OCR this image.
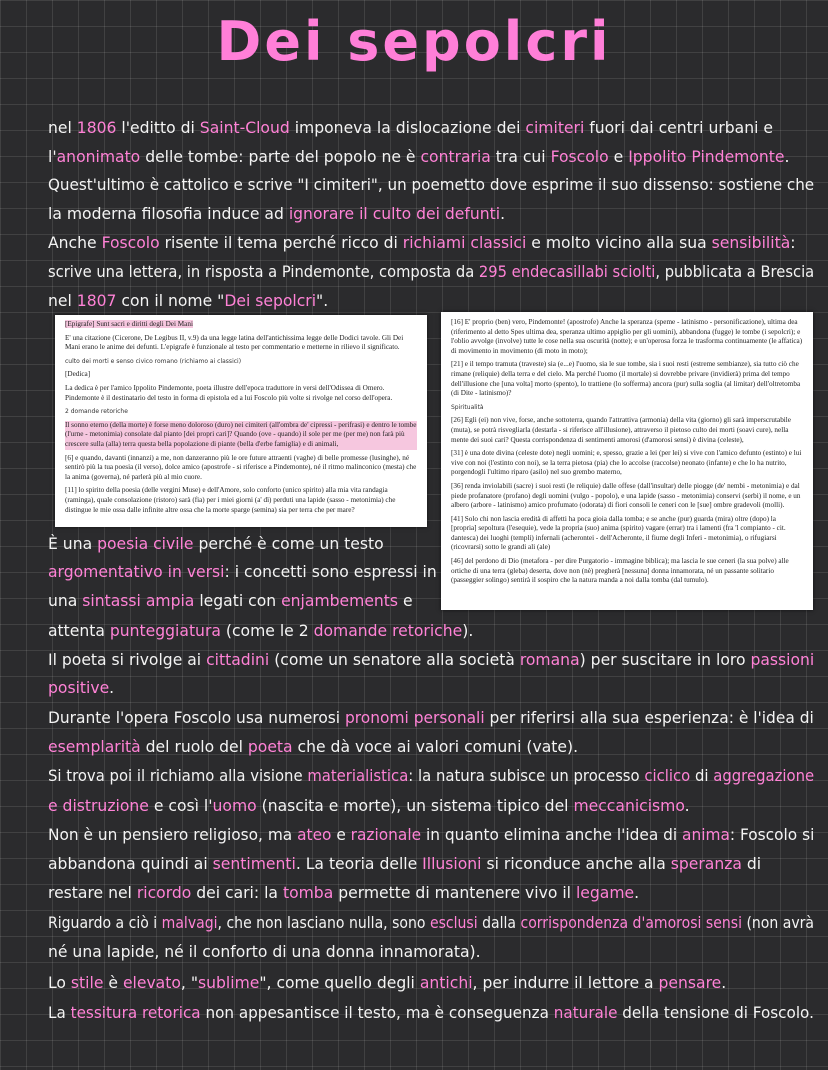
Dei sepolcri
nel 1806 l'editto di Saint-Cloud imponeva la dislocazione dei cimiteri fuori dai centri urbani e
l'anonimato delle tombe: parte del popolo ne è contraria tra cui Foscolo e Ippolito Pindemonte.
Quest'ultimo è cattolico e scrive "I cimiteri", un poemetto dove esprime il suo dissenso: sostiene che
la moderna filosofia induce ad ignorare il culto dei defunti.
Anche Foscolo risente il tema perché ricco di richiami classici e molto vicino alla sua sensibilità:
scrive una lettera, in risposta a Pindemonte, composta da 295 endecasillabi sciolti, pubblicata a Brescia
nel 1807 con il nome "Dei sepolcri".
È una poesia civile perché è come un testo
argomentativo in versi: i concetti sono espressi in
una sintassi ampia legati con enjambements e
attenta punteggiatura (come le 2 domande retoriche).
Il poeta si rivolge ai cittadini (come un senatore alla società romana) per suscitare in loro passioni
positive.
Durante l'opera Foscolo usa numerosi pronomi personali per riferirsi alla sua esperienza: è l'idea di
esemplarità del ruolo del poeta che dà voce ai valori comuni (vate).
Si trova poi il richiamo alla visione materialistica: la natura subisce un processo ciclico di aggregazione
e distruzione e così l'uomo (nascita e morte), un sistema tipico del meccanicismo.
Non è un pensiero religioso, ma ateo e razionale in quanto elimina anche l'idea di anima: Foscolo si
abbandona quindi ai sentimenti. La teoria delle Illusioni si riconduce anche alla speranza di
restare nel ricordo dei cari: la tomba permette di mantenere vivo il legame.
Riguardo a ciò i malvagi, che non lasciano nulla, sono esclusi dalla corrispondenza d'amorosi sensi (non avrà
né una lapide, né il conforto di una donna innamorata).
Lo stile è elevato, "sublime", come quello degli antichi, per indurre il lettore a pensare.
La tessitura retorica non appesantisce il testo, ma è conseguenza naturale della tensione di Foscolo.

[Epigrafe] Sunt sacri e diritti degli Dei Mani

E' una citazione (Cicerone, De Legibus II, v.9) da una legge latina dell'antichissima legge delle Dodici tavole. Gli Dei Mani erano le anime dei defunti. L'epigrafe è funzionale al testo per commentario e metterne in rilievo il significato.

culto dei morti e senso civico romano (richiamo ai classici)

[Dedica]

La dedica è per l'amico Ippolito Pindemonte, poeta illustre dell'epoca traduttore in versi dell'Odissea di Omero. Pindemonte è il destinatario del testo in forma di epistola ed a lui Foscolo più volte si rivolge nel corso dell'opera.

2 domande retoriche

Il sonno eterno (della morte) è forse meno doloroso (duro) nei cimiteri (all'ombra de' cipressi - perifrasi) e dentro le tombe (l'urne - metonimia) consolate dal pianto [dei propri cari]? Quando (ove - quando) il sole per me (per me) non farà più crescere sulla (alla) terra questa bella popolazione di piante (bella d'erbe famiglia) e di animali,

[6] e quando, davanti (innanzi) a me, non danzeranno più le ore future attraenti (vaghe) di belle promesse (lusinghe), né sentirò più la tua poesia (il verso), dolce amico (apostrofe - si riferisce a Pindemonte), né il ritmo malinconico (mesta) che la anima (governa), né parlerà più al mio cuore.

[11] lo spirito della poesia (delle vergini Muse) e dell'Amore, solo conforto (unico spirito) alla mia vita randagia (raminga), quale consolazione (ristoro) sarà (fia) per i miei giorni (a' dì) perduti una lapide (sasso - metonimia) che distingue le mie ossa dalle infinite altre ossa che la morte sparge (semina) sia per terra che per mare?

[16] E' proprio (ben) vero, Pindemonte! (apostrofe) Anche la speranza (speme - latinismo - personificazione), ultima dea (riferimento al detto Spes ultima dea, speranza ultimo appiglio per gli uomini), abbandona (fugge) le tombe (i sepolcri); e l'oblio avvolge (involve) tutte le cose nella sua oscurità (notte); e un'operosa forza le trasforma continuamente (le affatica) di movimento in movimento (di moto in moto);

[21] e il tempo tramuta (traveste) sia (e...e) l'uomo, sia le sue tombe, sia i suoi resti (estreme sembianze), sia tutto ciò che rimane (reliquie) della terra e del cielo. Ma perché l'uomo (il mortale) si dovrebbe privare (invidierà) prima del tempo dell'illusione che [una volta] morto (spento), lo trattiene (lo sofferma) ancora (pur) sulla soglia (al limitar) dell'oltretomba (di Dite - latinismo)?

Spiritualità

[26] Egli (ei) non vive, forse, anche sottoterra, quando l'attrattiva (armonia) della vita (giorno) gli sarà imperscrutabile (muta), se potrà risvegliarla (destarla - si riferisce all'illusione), attraverso il pietoso culto dei morti (soavi cure), nella mente dei suoi cari? Questa corrispondenza di sentimenti amorosi (d'amorosi sensi) è divina (celeste),

[31] è una dote divina (celeste dote) negli uomini; e, spesso, grazie a lei (per lei) si vive con l'amico defunto (estinto) e lui vive con noi (l'estinto con noi), se la terra pietosa (pia) che lo accolse (raccolse) neonato (infante) e che lo ha nutrito, porgendogli l'ultimo riparo (asilo) nel suo grembo materno,

[36] renda inviolabili (sacre) i suoi resti (le reliquie) dalle offese (dall'insultar) delle piogge (de' nembi - metonimia) e dal piede profanatore (profano) degli uomini (vulgo - popolo), e una lapide (sasso - metonimia) conservi (serbi) il nome, e un albero (arbore - latinismo) amico profumato (odorata) di fiori consoli le ceneri con le [sue] ombre gradevoli (molli).

[41] Solo chi non lascia eredità di affetti ha poca gioia dalla tomba; e se anche (pur) guarda (mira) oltre (dopo) la [propria] sepoltura (l'esequie), vede la propria (suo) anima (spirito) vagare (errar) tra i lamenti (fra 'l compianto - cit. dantesca) dei luoghi (templi) infernali (acherontei - dell'Acheronte, il fiume degli Inferi - metonimia), o rifugiarsi (ricovrarsi) sotto le grandi ali (ale)

[46] del perdono di Dio (metafora - per dire Purgatorio - immagine biblica); ma lascia le sue ceneri (la sua polve) alle ortiche di una terra (gleba) deserta, dove non (nè) pregherà [nessuna] donna innamorata, né un passante solitario (passeggier solingo) sentirà il sospiro che la natura manda a noi dalla tomba (dal tumulo).
